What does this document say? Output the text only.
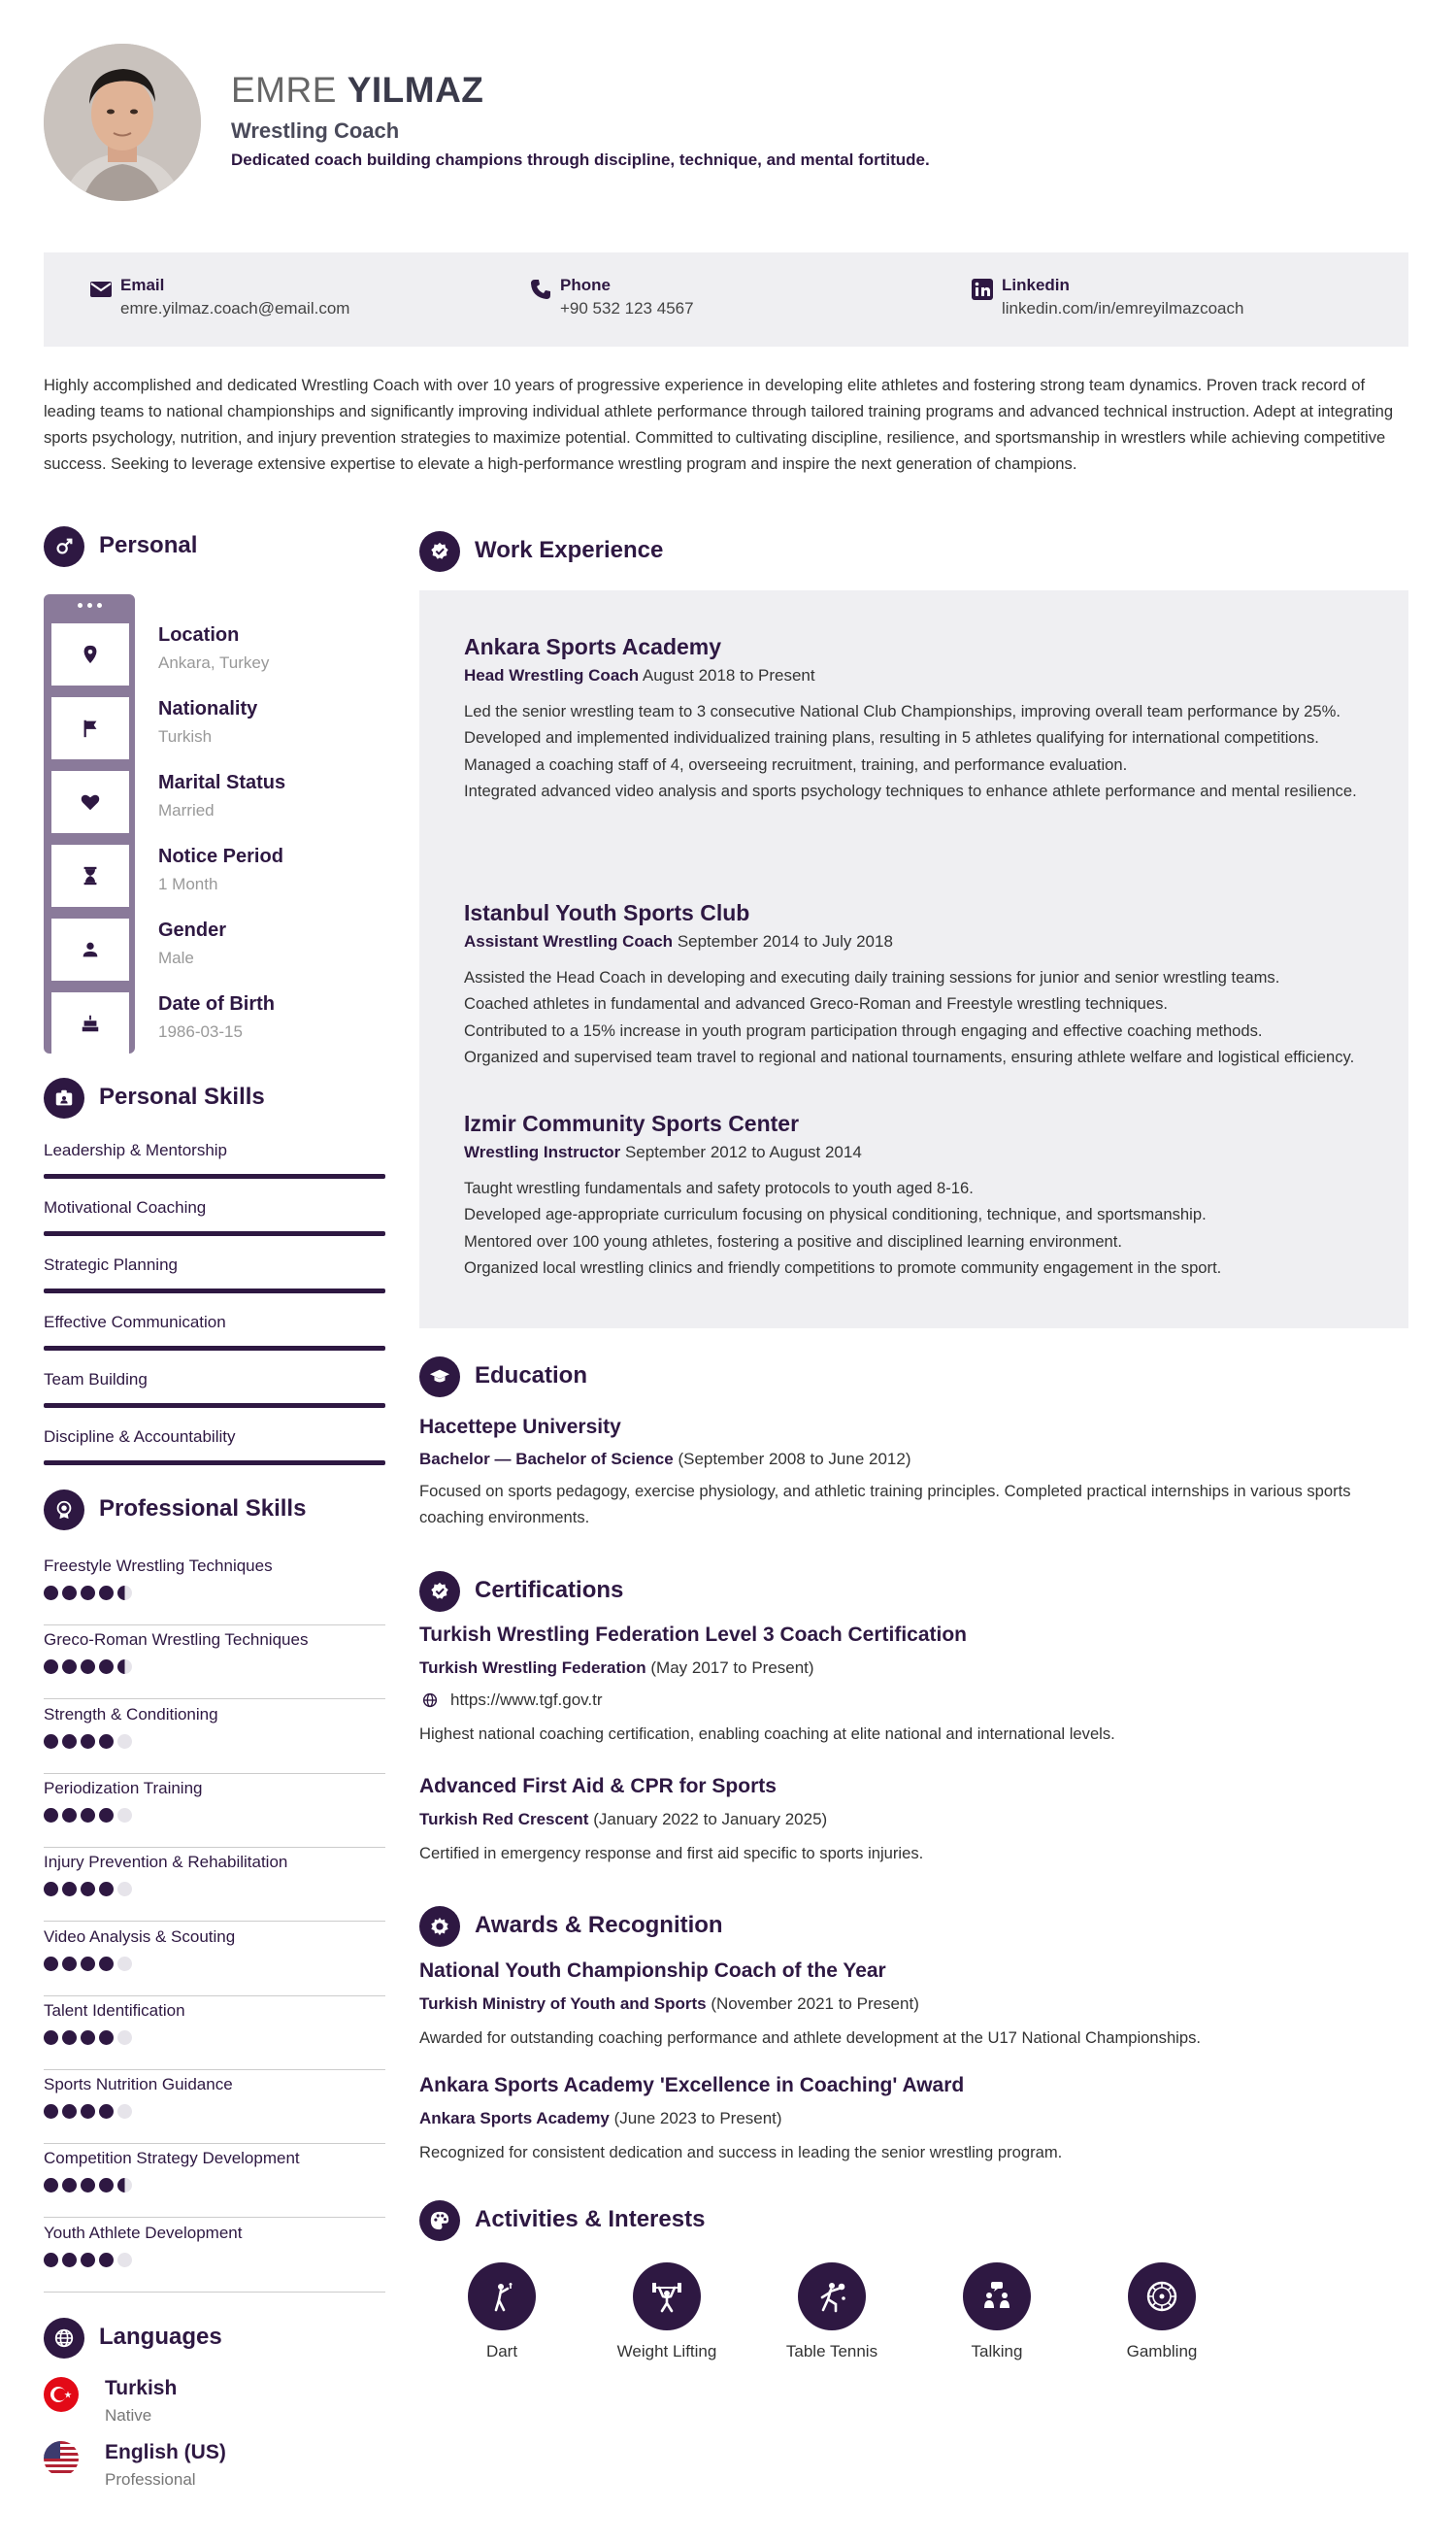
EMRE YILMAZ
Wrestling Coach
Dedicated coach building champions through discipline, technique, and mental fortitude.
Email
emre.yilmaz.coach@email.com
Phone
+90 532 123 4567
Linkedin
linkedin.com/in/emreyilmazcoach
Highly accomplished and dedicated Wrestling Coach with over 10 years of progressive experience in developing elite athletes and fostering strong team dynamics. Proven track record of leading teams to national championships and significantly improving individual athlete performance through tailored training programs and advanced technical instruction. Adept at integrating sports psychology, nutrition, and injury prevention strategies to maximize potential. Committed to cultivating discipline, resilience, and sportsmanship in wrestlers while achieving competitive success. Seeking to leverage extensive expertise to elevate a high-performance wrestling program and inspire the next generation of champions.
Personal
Location
Ankara, Turkey
Nationality
Turkish
Marital Status
Married
Notice Period
1 Month
Gender
Male
Date of Birth
1986-03-15
Personal Skills
Leadership & Mentorship
Motivational Coaching
Strategic Planning
Effective Communication
Team Building
Discipline & Accountability
Professional Skills
Freestyle Wrestling Techniques
Greco-Roman Wrestling Techniques
Strength & Conditioning
Periodization Training
Injury Prevention & Rehabilitation
Video Analysis & Scouting
Talent Identification
Sports Nutrition Guidance
Competition Strategy Development
Youth Athlete Development
Languages
Turkish
Native
English (US)
Professional
Work Experience
Ankara Sports Academy
Head Wrestling Coach August 2018 to Present
Led the senior wrestling team to 3 consecutive National Club Championships, improving overall team performance by 25%.
Developed and implemented individualized training plans, resulting in 5 athletes qualifying for international competitions.
Managed a coaching staff of 4, overseeing recruitment, training, and performance evaluation.
Integrated advanced video analysis and sports psychology techniques to enhance athlete performance and mental resilience.
Istanbul Youth Sports Club
Assistant Wrestling Coach September 2014 to July 2018
Assisted the Head Coach in developing and executing daily training sessions for junior and senior wrestling teams.
Coached athletes in fundamental and advanced Greco-Roman and Freestyle wrestling techniques.
Contributed to a 15% increase in youth program participation through engaging and effective coaching methods.
Organized and supervised team travel to regional and national tournaments, ensuring athlete welfare and logistical efficiency.
Izmir Community Sports Center
Wrestling Instructor September 2012 to August 2014
Taught wrestling fundamentals and safety protocols to youth aged 8-16.
Developed age-appropriate curriculum focusing on physical conditioning, technique, and sportsmanship.
Mentored over 100 young athletes, fostering a positive and disciplined learning environment.
Organized local wrestling clinics and friendly competitions to promote community engagement in the sport.
Education
Hacettepe University
Bachelor — Bachelor of Science (September 2008 to June 2012)
Focused on sports pedagogy, exercise physiology, and athletic training principles. Completed practical internships in various sports coaching environments.
Certifications
Turkish Wrestling Federation Level 3 Coach Certification
Turkish Wrestling Federation (May 2017 to Present)
https://www.tgf.gov.tr
Highest national coaching certification, enabling coaching at elite national and international levels.
Advanced First Aid & CPR for Sports
Turkish Red Crescent (January 2022 to January 2025)
Certified in emergency response and first aid specific to sports injuries.
Awards & Recognition
National Youth Championship Coach of the Year
Turkish Ministry of Youth and Sports (November 2021 to Present)
Awarded for outstanding coaching performance and athlete development at the U17 National Championships.
Ankara Sports Academy 'Excellence in Coaching' Award
Ankara Sports Academy (June 2023 to Present)
Recognized for consistent dedication and success in leading the senior wrestling program.
Activities & Interests
Dart	Weight Lifting	Table Tennis	Talking	Gambling
